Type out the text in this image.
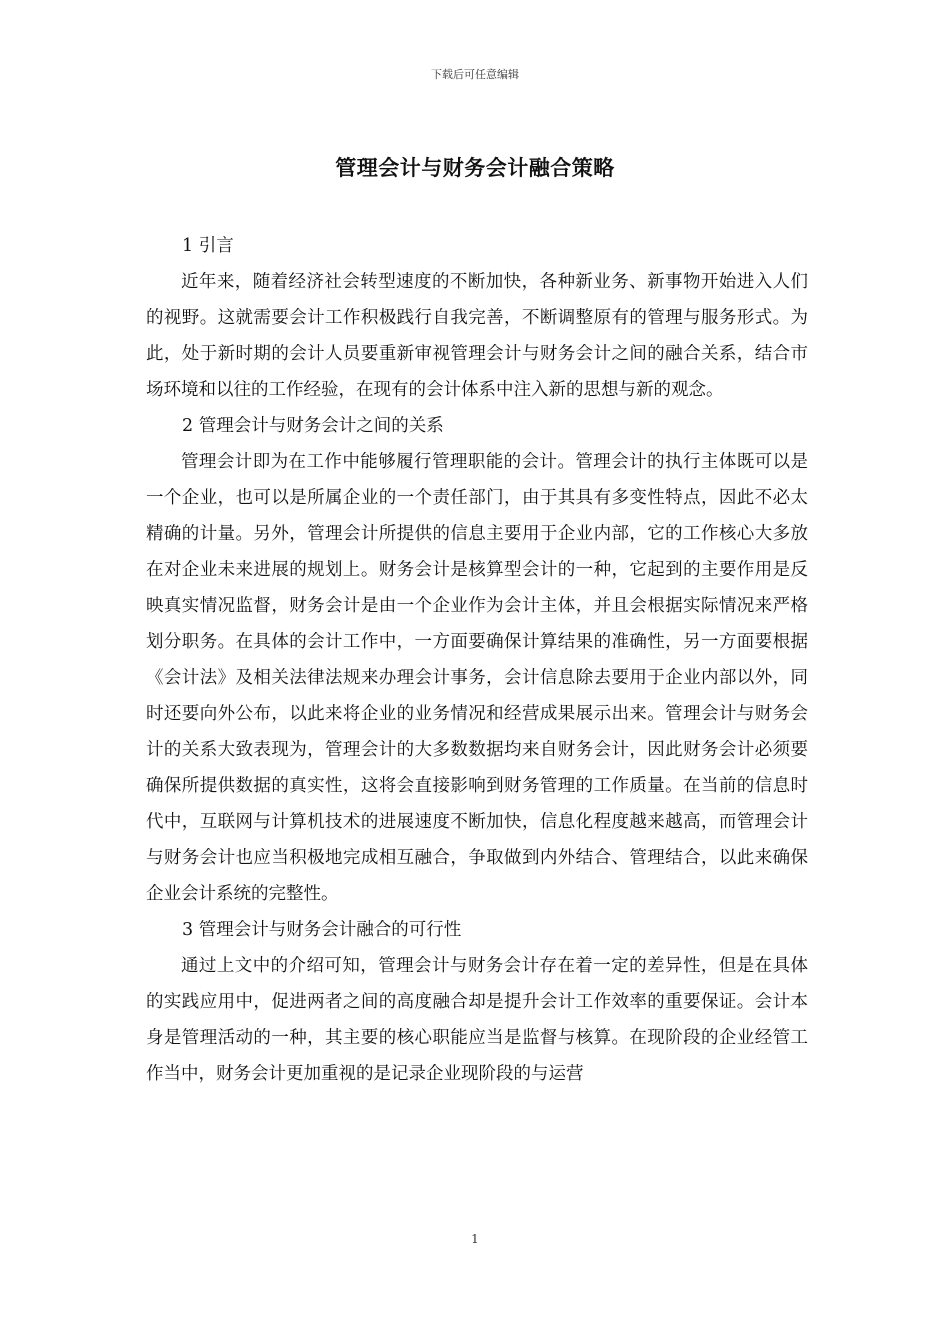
下载后可任意编辑
管理会计与财务会计融合策略

1 引言

近年来，随着经济社会转型速度的不断加快，各种新业务、新事物开始进入人们的视野。这就需要会计工作积极践行自我完善，不断调整原有的管理与服务形式。为此，处于新时期的会计人员要重新审视管理会计与财务会计之间的融合关系，结合市场环境和以往的工作经验，在现有的会计体系中注入新的思想与新的观念。

2 管理会计与财务会计之间的关系

管理会计即为在工作中能够履行管理职能的会计。管理会计的执行主体既可以是一个企业，也可以是所属企业的一个责任部门，由于其具有多变性特点，因此不必太精确的计量。另外，管理会计所提供的信息主要用于企业内部，它的工作核心大多放在对企业未来进展的规划上。财务会计是核算型会计的一种，它起到的主要作用是反映真实情况监督，财务会计是由一个企业作为会计主体，并且会根据实际情况来严格划分职务。在具体的会计工作中，一方面要确保计算结果的准确性，另一方面要根据《会计法》及相关法律法规来办理会计事务，会计信息除去要用于企业内部以外，同时还要向外公布，以此来将企业的业务情况和经营成果展示出来。管理会计与财务会计的关系大致表现为，管理会计的大多数数据均来自财务会计，因此财务会计必须要确保所提供数据的真实性，这将会直接影响到财务管理的工作质量。在当前的信息时代中，互联网与计算机技术的进展速度不断加快，信息化程度越来越高，而管理会计与财务会计也应当积极地完成相互融合，争取做到内外结合、管理结合，以此来确保企业会计系统的完整性。

3 管理会计与财务会计融合的可行性

通过上文中的介绍可知，管理会计与财务会计存在着一定的差异性，但是在具体的实践应用中，促进两者之间的高度融合却是提升会计工作效率的重要保证。会计本身是管理活动的一种，其主要的核心职能应当是监督与核算。在现阶段的企业经管工作当中，财务会计更加重视的是记录企业现阶段的与运营

1
